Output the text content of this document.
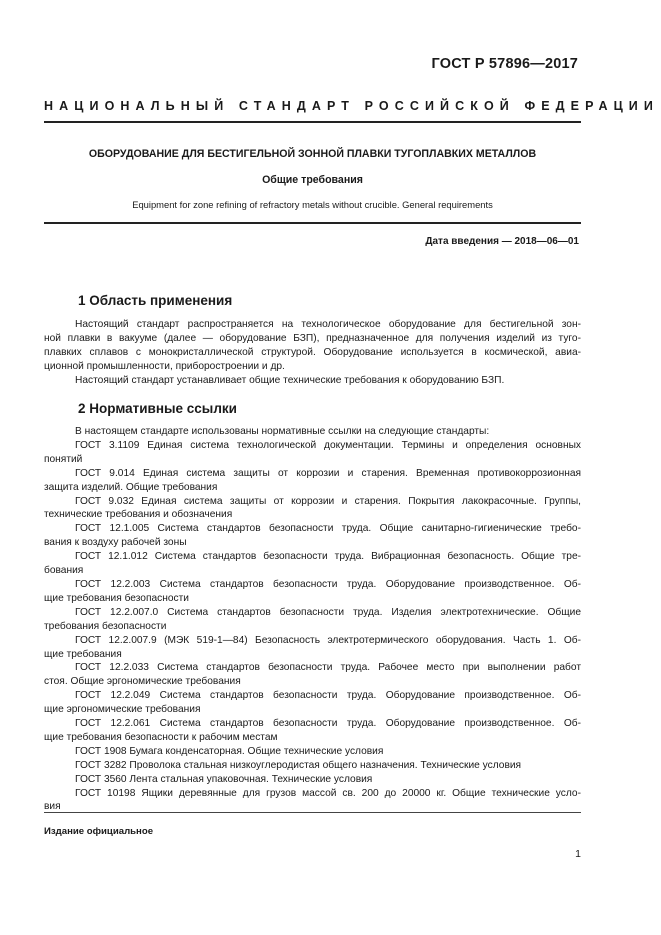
ГОСТ Р 57896—2017
НАЦИОНАЛЬНЫЙ СТАНДАРТ РОССИЙСКОЙ ФЕДЕРАЦИИ
ОБОРУДОВАНИЕ ДЛЯ БЕСТИГЕЛЬНОЙ ЗОННОЙ ПЛАВКИ ТУГОПЛАВКИХ МЕТАЛЛОВ
Общие требования
Equipment for zone refining of refractory metals without crucible. General requirements
Дата введения — 2018—06—01
1 Область применения
Настоящий стандарт распространяется на технологическое оборудование для бестигельной зон-
ной плавки в вакууме (далее — оборудование БЗП), предназначенное для получения изделий из туго-
плавких сплавов с монокристаллической структурой. Оборудование используется в космической, авиа-
ционной промышленности, приборостроении и др.
Настоящий стандарт устанавливает общие технические требования к оборудованию БЗП.
2 Нормативные ссылки
В настоящем стандарте использованы нормативные ссылки на следующие стандарты:
ГОСТ 3.1109 Единая система технологической документации. Термины и определения основных
понятий
ГОСТ 9.014 Единая система защиты от коррозии и старения. Временная противокоррозионная
защита изделий. Общие требования
ГОСТ 9.032 Единая система защиты от коррозии и старения. Покрытия лакокрасочные. Группы,
технические требования и обозначения
ГОСТ 12.1.005 Система стандартов безопасности труда. Общие санитарно-гигиенические требо-
вания к воздуху рабочей зоны
ГОСТ 12.1.012 Система стандартов безопасности труда. Вибрационная безопасность. Общие тре-
бования
ГОСТ 12.2.003 Система стандартов безопасности труда. Оборудование производственное. Об-
щие требования безопасности
ГОСТ 12.2.007.0 Система стандартов безопасности труда. Изделия электротехнические. Общие
требования безопасности
ГОСТ 12.2.007.9 (МЭК 519-1—84) Безопасность электротермического оборудования. Часть 1. Об-
щие требования
ГОСТ 12.2.033 Система стандартов безопасности труда. Рабочее место при выполнении работ
стоя. Общие эргономические требования
ГОСТ 12.2.049 Система стандартов безопасности труда. Оборудование производственное. Об-
щие эргономические требования
ГОСТ 12.2.061 Система стандартов безопасности труда. Оборудование производственное. Об-
щие требования безопасности к рабочим местам
ГОСТ 1908 Бумага конденсаторная. Общие технические условия
ГОСТ 3282 Проволока стальная низкоуглеродистая общего назначения. Технические условия
ГОСТ 3560 Лента стальная упаковочная. Технические условия
ГОСТ 10198 Ящики деревянные для грузов массой св. 200 до 20000 кг. Общие технические усло-
вия
Издание официальное
1
